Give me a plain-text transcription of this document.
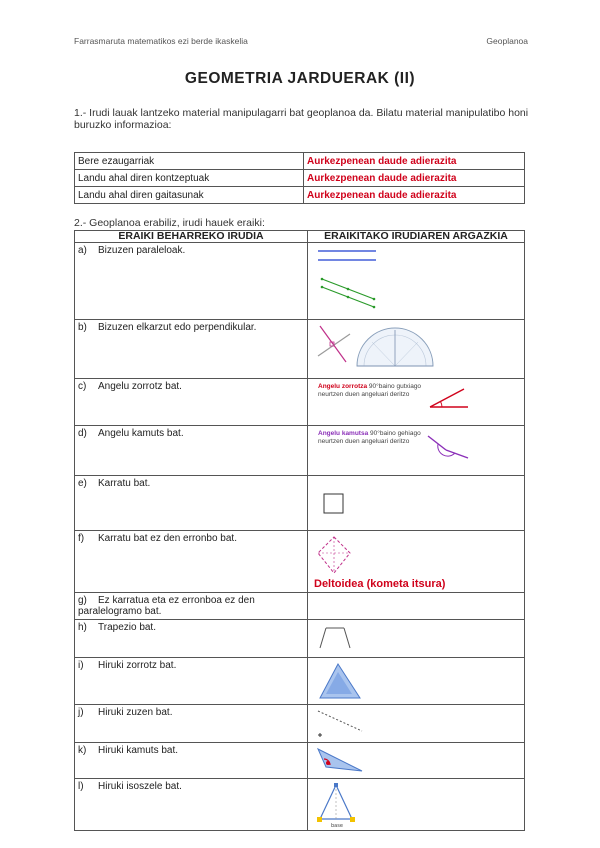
Farrasmaruta matematikos ezi berde ikaskelia	Geoplanoa
GEOMETRIA JARDUERAK (II)
1.- Irudi lauak lantzeko material manipulagarri bat geoplanoa da. Bilatu material manipulatibo honi buruzko informazioa:
Bere ezaugarriak	Aurkezpenean daude adierazita
Landu ahal diren kontzeptuak	Aurkezpenean daude adierazita
Landu ahal diren gaitasunak	Aurkezpenean daude adierazita
2.- Geoplanoa erabiliz, irudi hauek eraiki:
ERAIKI BEHARREKO IRUDIA	ERAIKITAKO IRUDIAREN ARGAZKIA
a) Bizuzen paraleloak.	

b) Bizuzen elkarzut edo perpendikular.	

c) Angelu zorrotz bat.	Angelu zorrotza 90°baino gutxiago neurtzen duen angeluari deritzo

d) Angelu kamuts bat.	Angelu kamutsa 90°baino gehiago neurtzen duen angeluari deritzo

e) Karratu bat.	

f) Karratu bat ez den erronbo bat.	Deltoidea (kometa itsura)

g) Ez karratua eta ez erronboa ez den paralelogramo bat.	
h) Trapezio bat.	

i) Hiruki zorrotz bat.	

j) Hiruki zuzen bat.	

k) Hiruki kamuts bat.	

l) Hiruki isoszele bat.	base
